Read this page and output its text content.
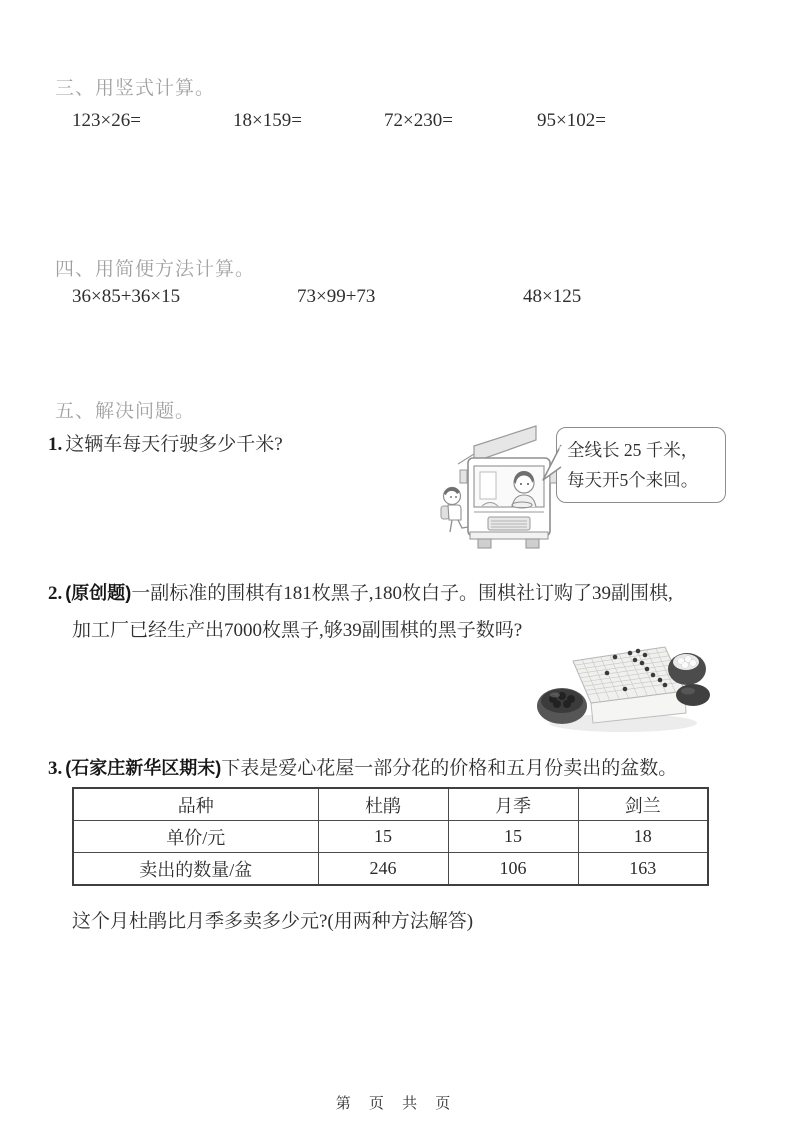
三、用竖式计算。
123×26=	18×159=	72×230=	95×102=
四、用简便方法计算。
36×85+36×15	73×99+73	48×125
五、解决问题。
1. 这辆车每天行驶多少千米?	全线长 25 千米，
每天开5个来回。
2. (原创题)一副标准的围棋有181枚黑子,180枚白子。围棋社订购了39副围棋,
加工厂已经生产出7000枚黑子,够39副围棋的黑子数吗?
3. (石家庄新华区期末)下表是爱心花屋一部分花的价格和五月份卖出的盆数。
品种	杜鹃	月季	剑兰
单价/元	15	15	18
卖出的数量/盆	246	106	163
这个月杜鹃比月季多卖多少元?(用两种方法解答)
第 页 共 页
